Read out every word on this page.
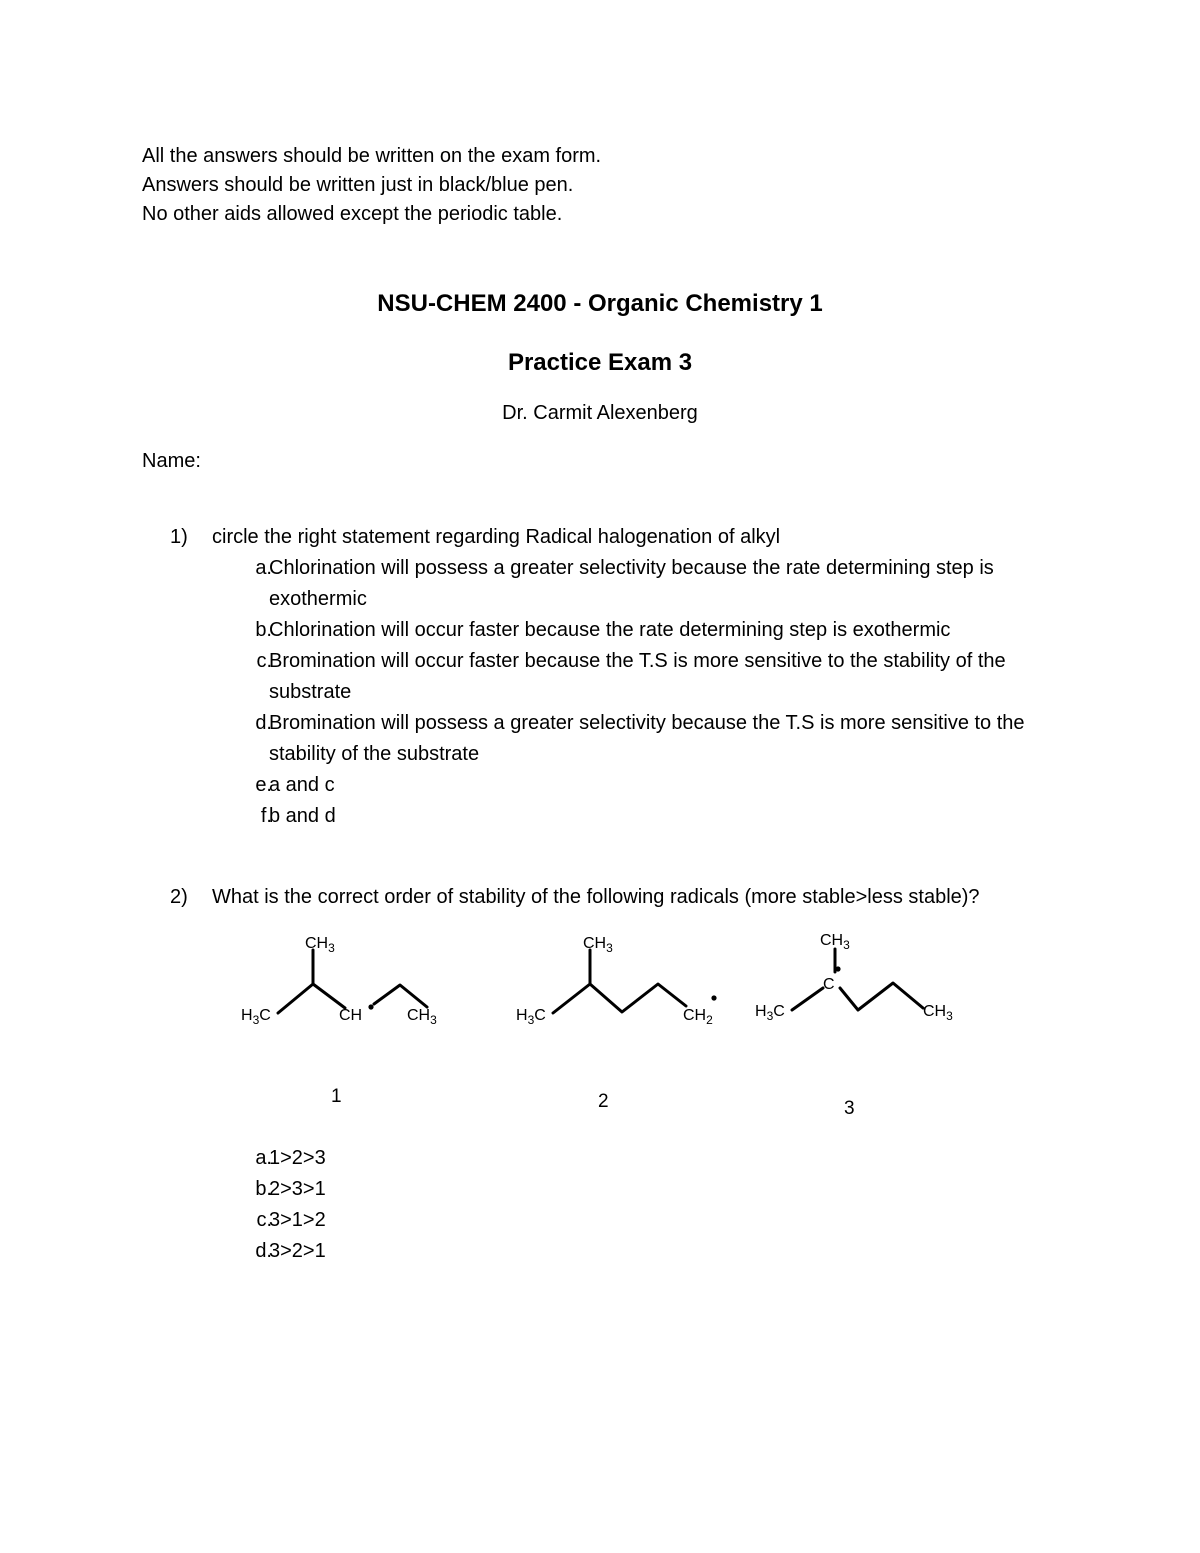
All the answers should be written on the exam form.
Answers should be written just in black/blue pen.
No other aids allowed except the periodic table.
NSU-CHEM 2400 - Organic Chemistry 1
Practice Exam 3
Dr. Carmit Alexenberg
Name:
1) circle the right statement regarding Radical halogenation of alkyl
a.
Chlorination will possess a greater selectivity because the rate determining step is exothermic
b.
Chlorination will occur faster because the rate determining step is exothermic
c.
Bromination will occur faster because the T.S is more sensitive to the stability of the substrate
d.
Bromination will possess a greater selectivity because the T.S is more sensitive to the stability of the substrate
e.
a and c
f.
b and d
2) What is the correct order of stability of the following radicals (more stable>less stable)?
$CH_3$
$H_3C$	CH	$CH_3$
$CH_3$
$H_3C$	$CH_2$
$CH_3$
$H_3C$
C
$CH_3$
1	2	3
a.
1>2>3
b.
2>3>1
c.
3>1>2
d.
3>2>1
